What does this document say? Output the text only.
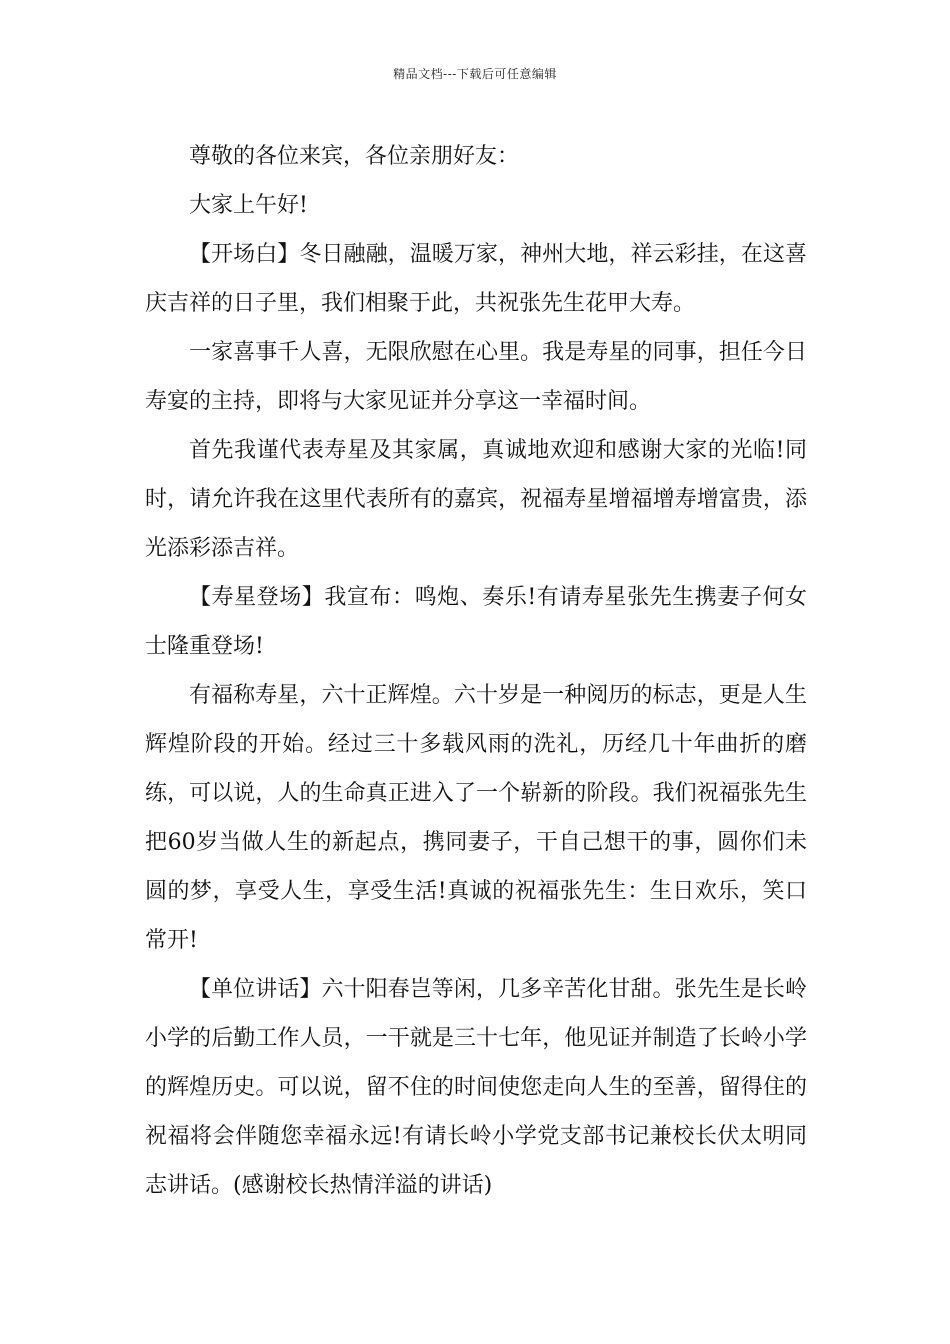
精品文档---下载后可任意编辑

尊敬的各位来宾，各位亲朋好友：

大家上午好!

【开场白】冬日融融，温暖万家，神州大地，祥云彩挂，在这喜庆吉祥的日子里，我们相聚于此，共祝张先生花甲大寿。

一家喜事千人喜，无限欣慰在心里。我是寿星的同事，担任今日寿宴的主持，即将与大家见证并分享这一幸福时间。

首先我谨代表寿星及其家属，真诚地欢迎和感谢大家的光临!同时，请允许我在这里代表所有的嘉宾，祝福寿星增福增寿增富贵，添光添彩添吉祥。

【寿星登场】我宣布：鸣炮、奏乐!有请寿星张先生携妻子何女士隆重登场!

有福称寿星，六十正辉煌。六十岁是一种阅历的标志，更是人生辉煌阶段的开始。经过三十多载风雨的洗礼，历经几十年曲折的磨练，可以说，人的生命真正进入了一个崭新的阶段。我们祝福张先生把60岁当做人生的新起点，携同妻子，干自己想干的事，圆你们未圆的梦，享受人生，享受生活!真诚的祝福张先生：生日欢乐，笑口常开!

【单位讲话】六十阳春岂等闲，几多辛苦化甘甜。张先生是长岭小学的后勤工作人员，一干就是三十七年，他见证并制造了长岭小学的辉煌历史。可以说，留不住的时间使您走向人生的至善，留得住的祝福将会伴随您幸福永远!有请长岭小学党支部书记兼校长伏太明同志讲话。(感谢校长热情洋溢的讲话)
